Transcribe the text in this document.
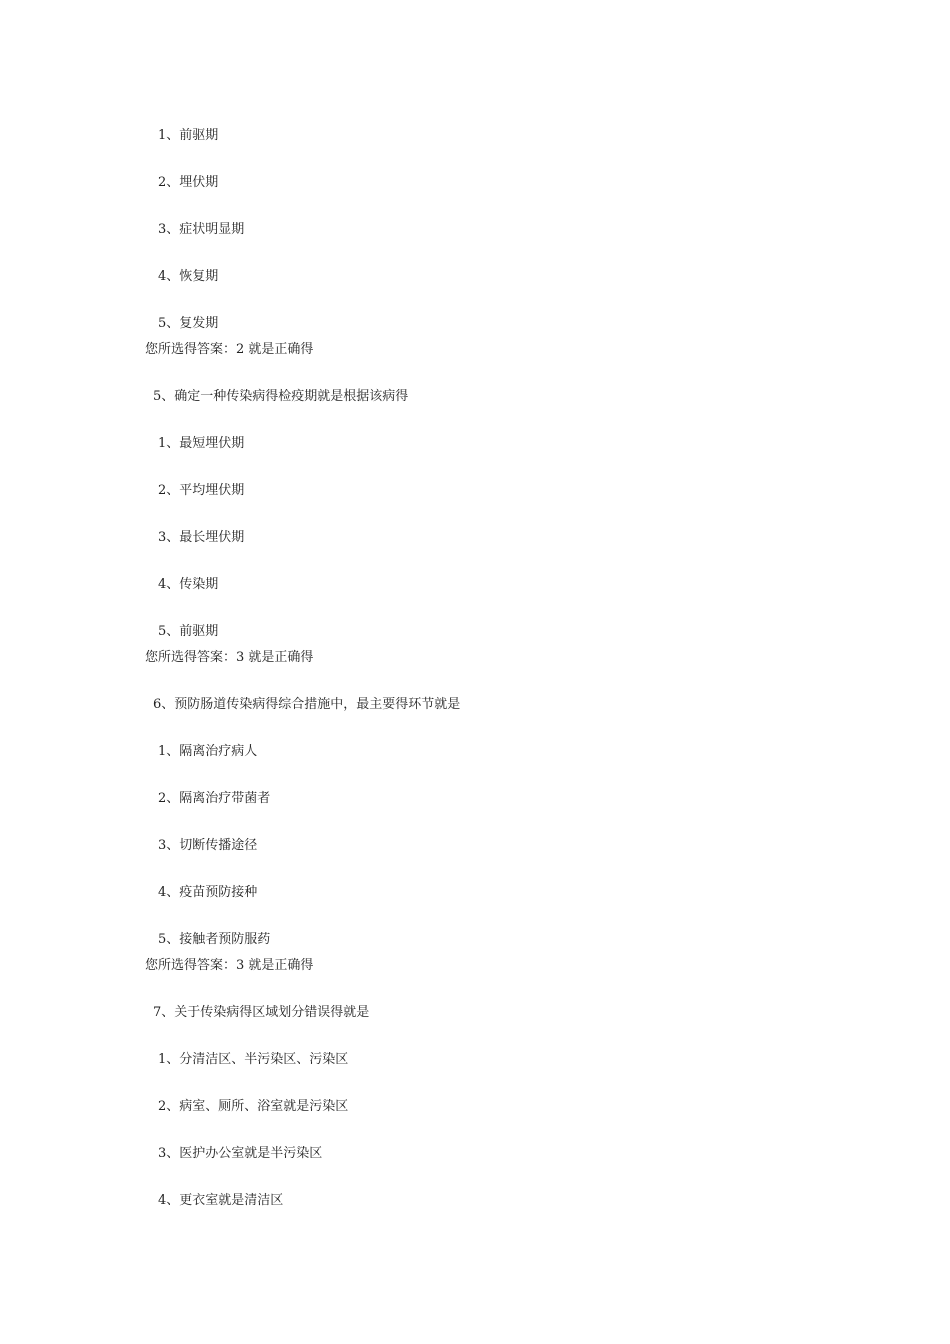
1、前驱期
2、埋伏期
3、症状明显期
4、恢复期
5、复发期
您所选得答案：2 就是正确得
5、确定一种传染病得检疫期就是根据该病得
1、最短埋伏期
2、平均埋伏期
3、最长埋伏期
4、传染期
5、前驱期
您所选得答案：3 就是正确得
6、预防肠道传染病得综合措施中，最主要得环节就是
1、隔离治疗病人
2、隔离治疗带菌者
3、切断传播途径
4、疫苗预防接种
5、接触者预防服药
您所选得答案：3 就是正确得
7、关于传染病得区域划分错误得就是
1、分清洁区、半污染区、污染区
2、病室、厕所、浴室就是污染区
3、医护办公室就是半污染区
4、更衣室就是清洁区
